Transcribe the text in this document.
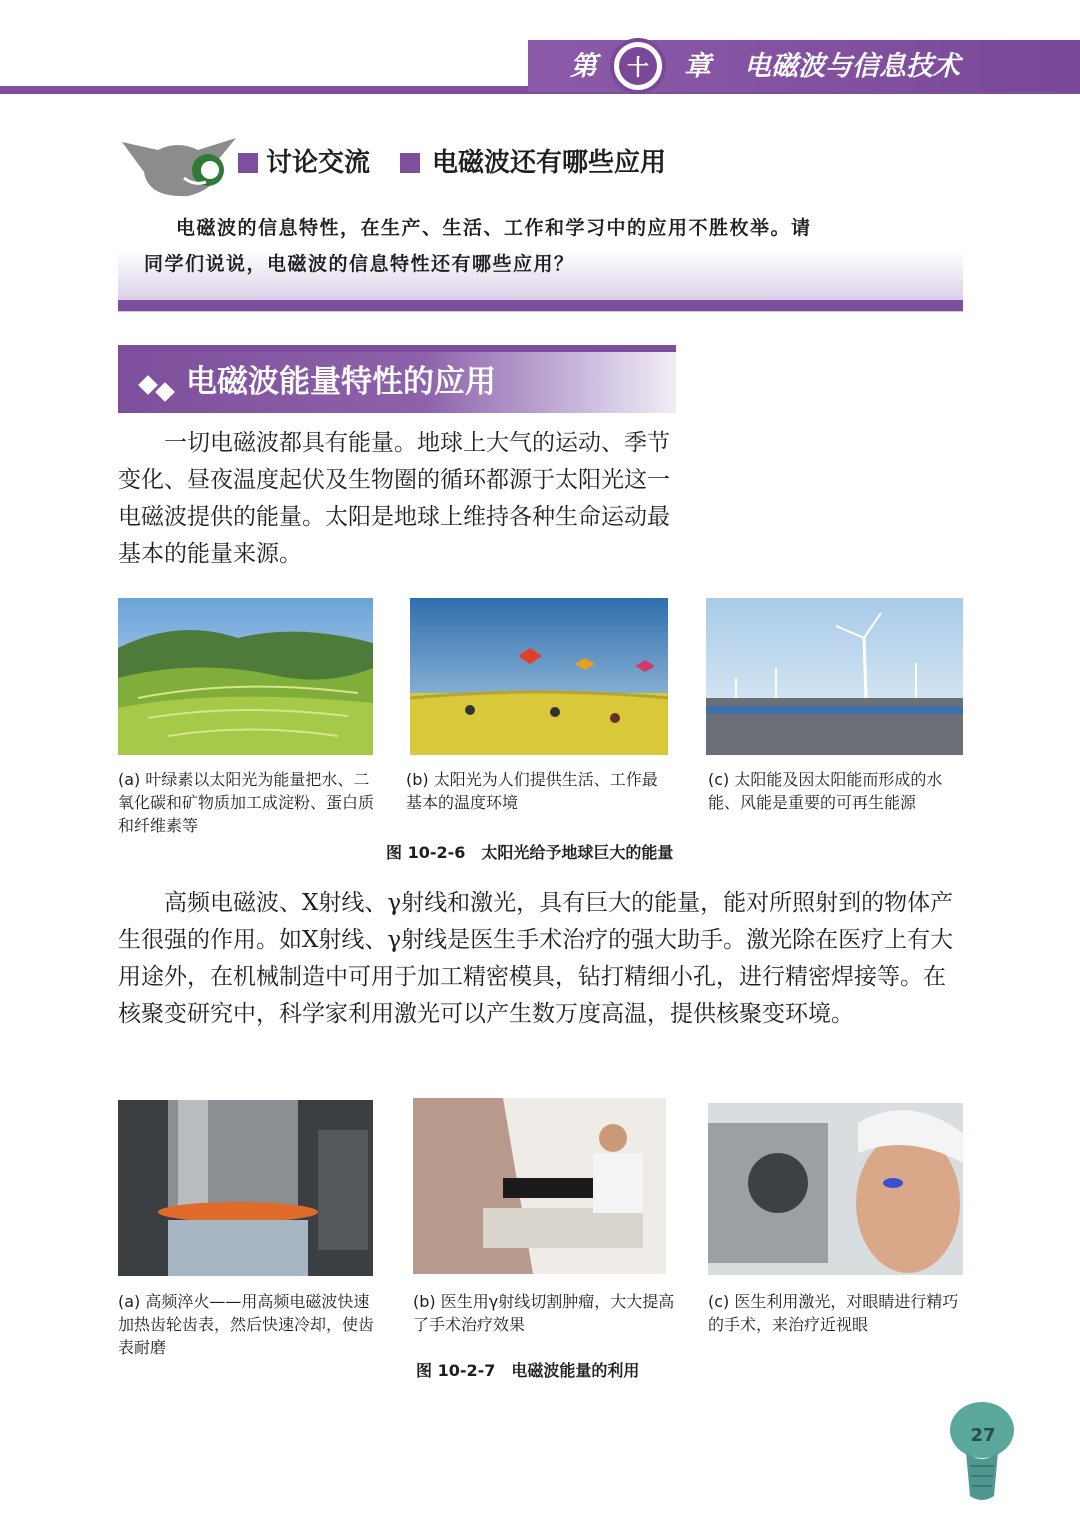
第	十 章 电磁波与信息技术
讨论交流 电磁波还有哪些应用
电磁波的信息特性，在生产、生活、工作和学习中的应用不胜枚举。请
同学们说说，电磁波的信息特性还有哪些应用？
电磁波能量特性的应用
一切电磁波都具有能量。地球上大气的运动、季节变化、昼夜温度起伏及生物圈的循环都源于太阳光这一电磁波提供的能量。太阳是地球上维持各种生命运动最基本的能量来源。
(a) 叶绿素以太阳光为能量把水、二氧化碳和矿物质加工成淀粉、蛋白质和纤维素等
(b) 太阳光为人们提供生活、工作最基本的温度环境
(c) 太阳能及因太阳能而形成的水能、风能是重要的可再生能源
图 10-2-6　太阳光给予地球巨大的能量
高频电磁波、X射线、γ射线和激光，具有巨大的能量，能对所照射到的物体产生很强的作用。如X射线、γ射线是医生手术治疗的强大助手。激光除在医疗上有大用途外，在机械制造中可用于加工精密模具，钻打精细小孔，进行精密焊接等。在核聚变研究中，科学家利用激光可以产生数万度高温，提供核聚变环境。
(a) 高频淬火——用高频电磁波快速加热齿轮齿表，然后快速冷却，使齿表耐磨
(b) 医生用γ射线切割肿瘤，大大提高了手术治疗效果
(c) 医生利用激光，对眼睛进行精巧的手术，来治疗近视眼
图 10-2-7　电磁波能量的利用
27
